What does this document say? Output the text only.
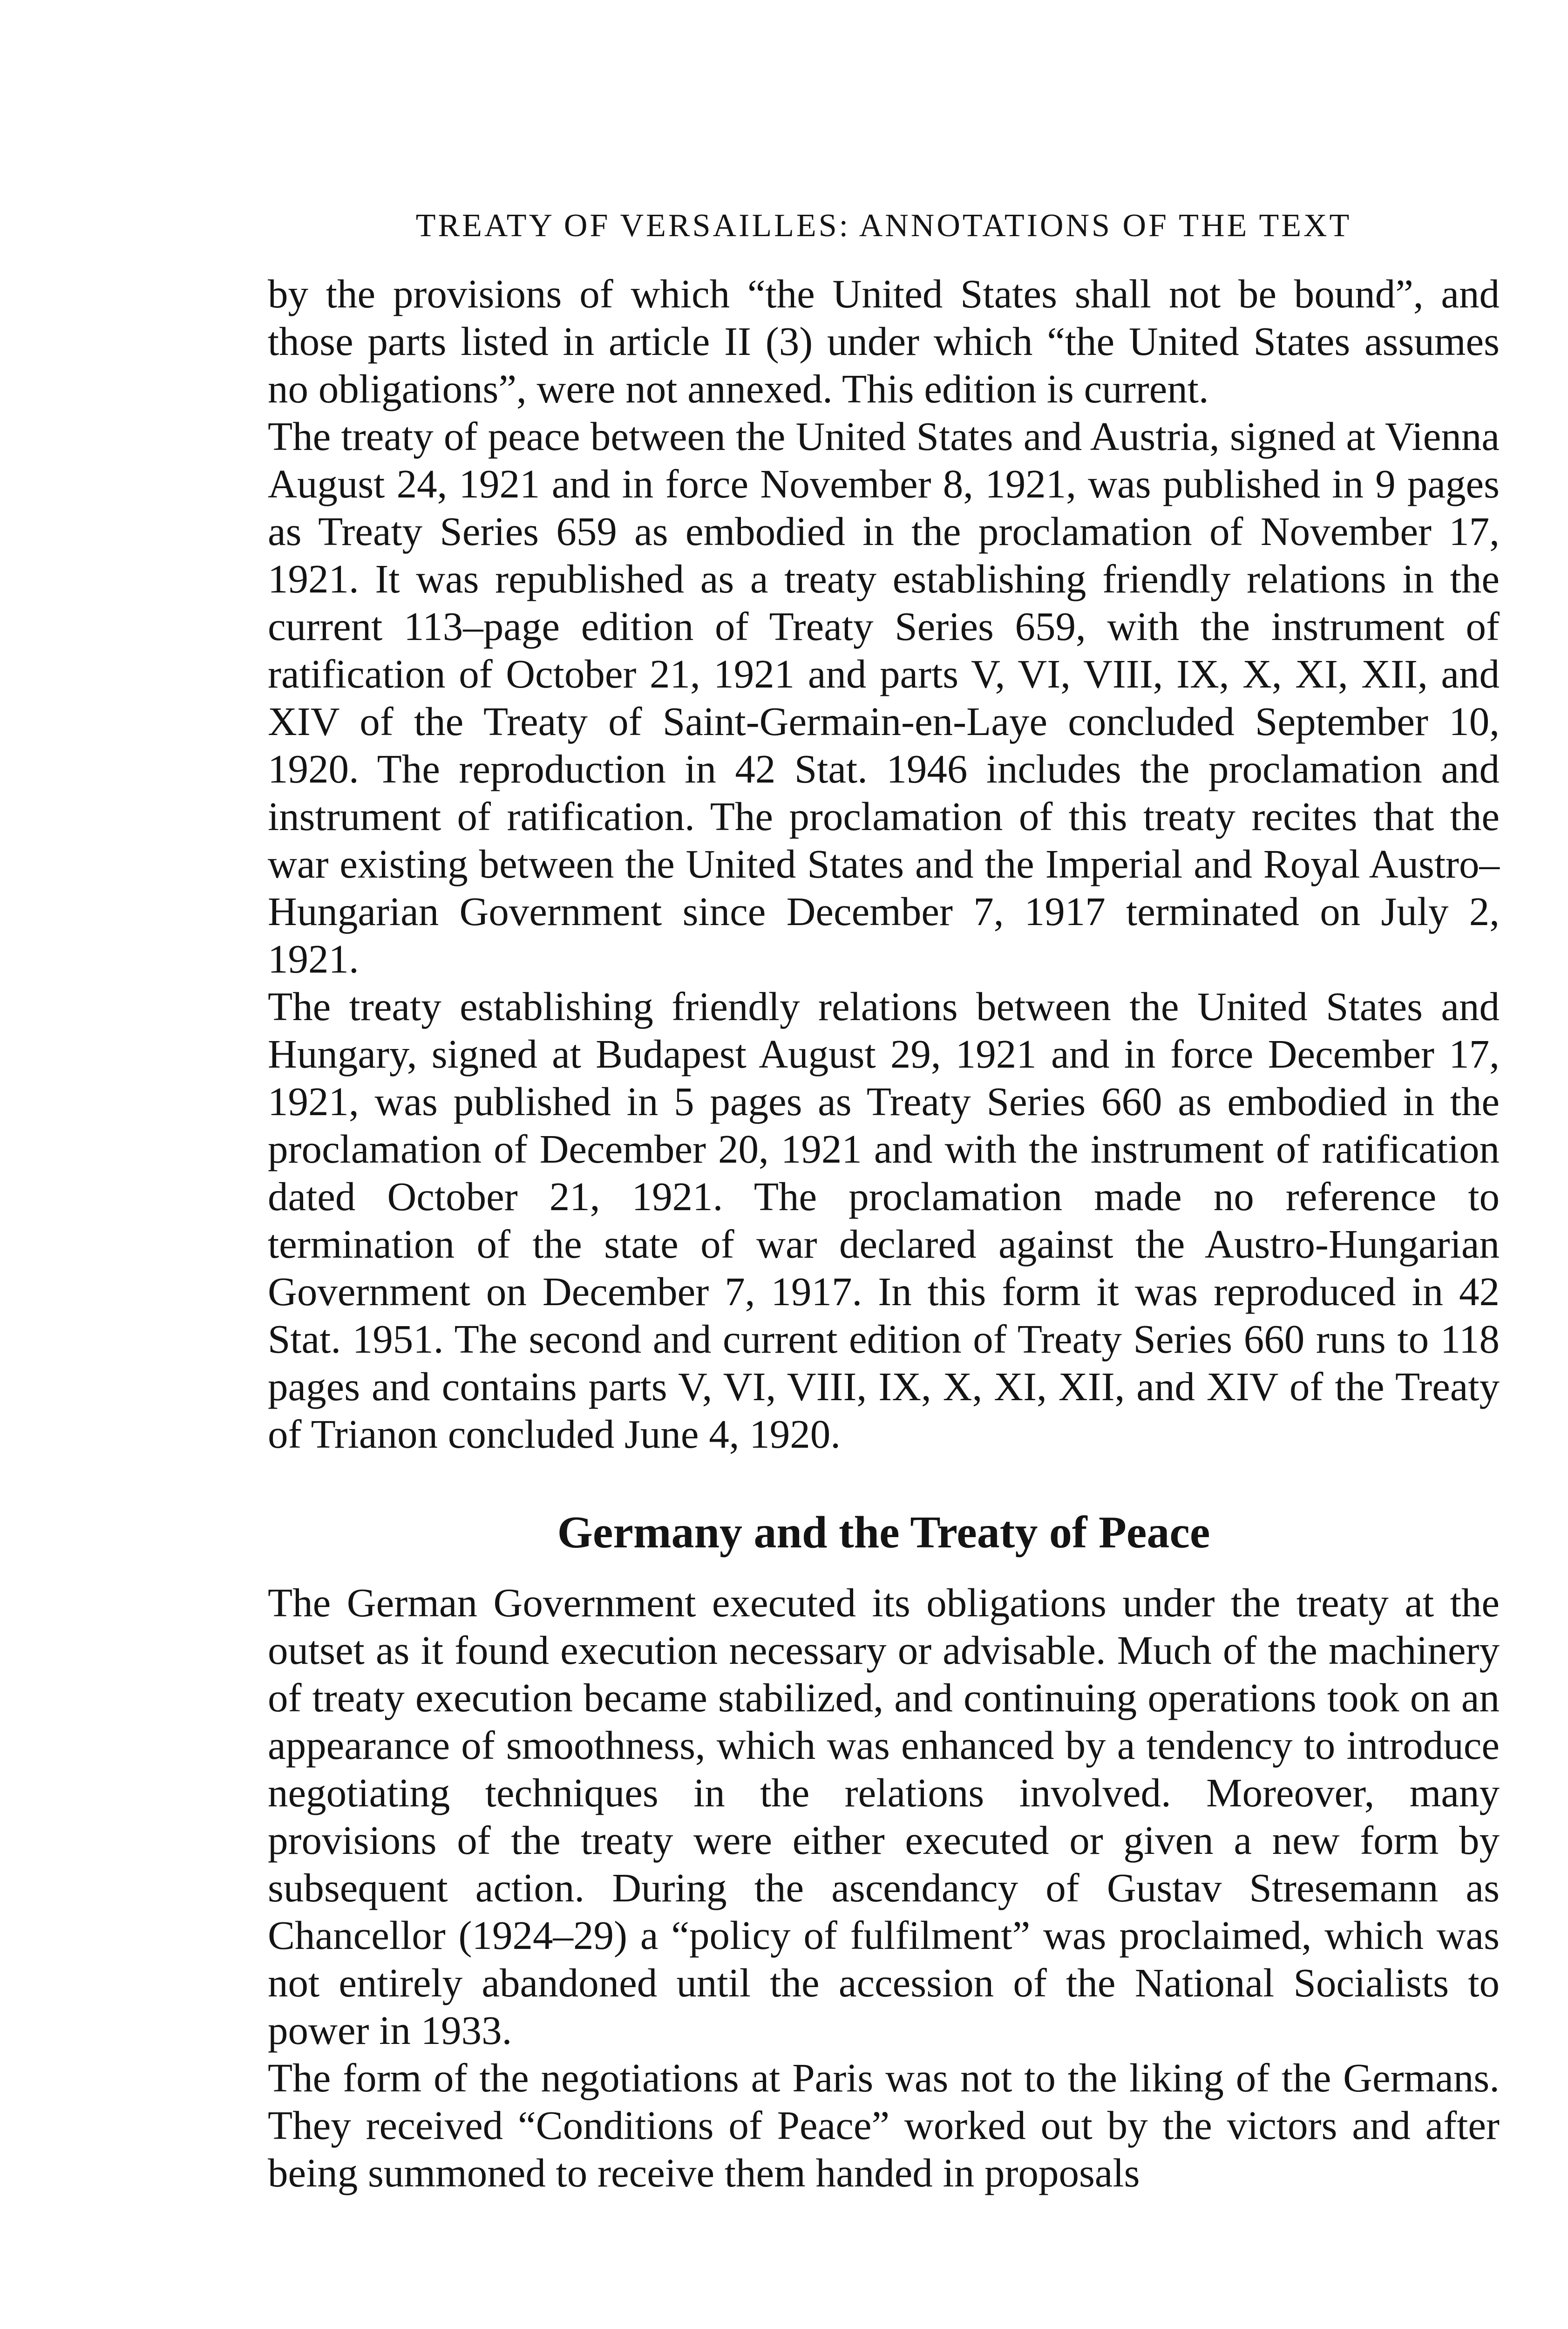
TREATY OF VERSAILLES: ANNOTATIONS OF THE TEXT

by the provisions of which “the United States shall not be bound”, and those parts listed in article II (3) under which “the United States assumes no obligations”, were not annexed. This edition is current.

The treaty of peace between the United States and Austria, signed at Vienna August 24, 1921 and in force November 8, 1921, was published in 9 pages as Treaty Series 659 as embodied in the proclamation of November 17, 1921. It was republished as a treaty establishing friendly relations in the current 113–page edition of Treaty Series 659, with the instrument of ratification of October 21, 1921 and parts V, VI, VIII, IX, X, XI, XII, and XIV of the Treaty of Saint-Germain-en-Laye concluded September 10, 1920. The reproduction in 42 Stat. 1946 includes the proclamation and instrument of ratification. The proclamation of this treaty recites that the war existing between the United States and the Imperial and Royal Austro–Hungarian Government since December 7, 1917 terminated on July 2, 1921.

The treaty establishing friendly relations between the United States and Hungary, signed at Budapest August 29, 1921 and in force December 17, 1921, was published in 5 pages as Treaty Series 660 as embodied in the proclamation of December 20, 1921 and with the instrument of ratification dated October 21, 1921. The proclamation made no reference to termination of the state of war declared against the Austro-Hungarian Government on December 7, 1917. In this form it was reproduced in 42 Stat. 1951. The second and current edition of Treaty Series 660 runs to 118 pages and contains parts V, VI, VIII, IX, X, XI, XII, and XIV of the Treaty of Trianon concluded June 4, 1920.

Germany and the Treaty of Peace

The German Government executed its obligations under the treaty at the outset as it found execution necessary or advisable. Much of the machinery of treaty execution became stabilized, and continuing operations took on an appearance of smoothness, which was enhanced by a tendency to introduce negotiating techniques in the relations involved. Moreover, many provisions of the treaty were either executed or given a new form by subsequent action. During the ascendancy of Gustav Stresemann as Chancellor (1924–29) a “policy of fulfilment” was proclaimed, which was not entirely abandoned until the accession of the National Socialists to power in 1933.

The form of the negotiations at Paris was not to the liking of the Germans. They received “Conditions of Peace” worked out by the victors and after being summoned to receive them handed in proposals
